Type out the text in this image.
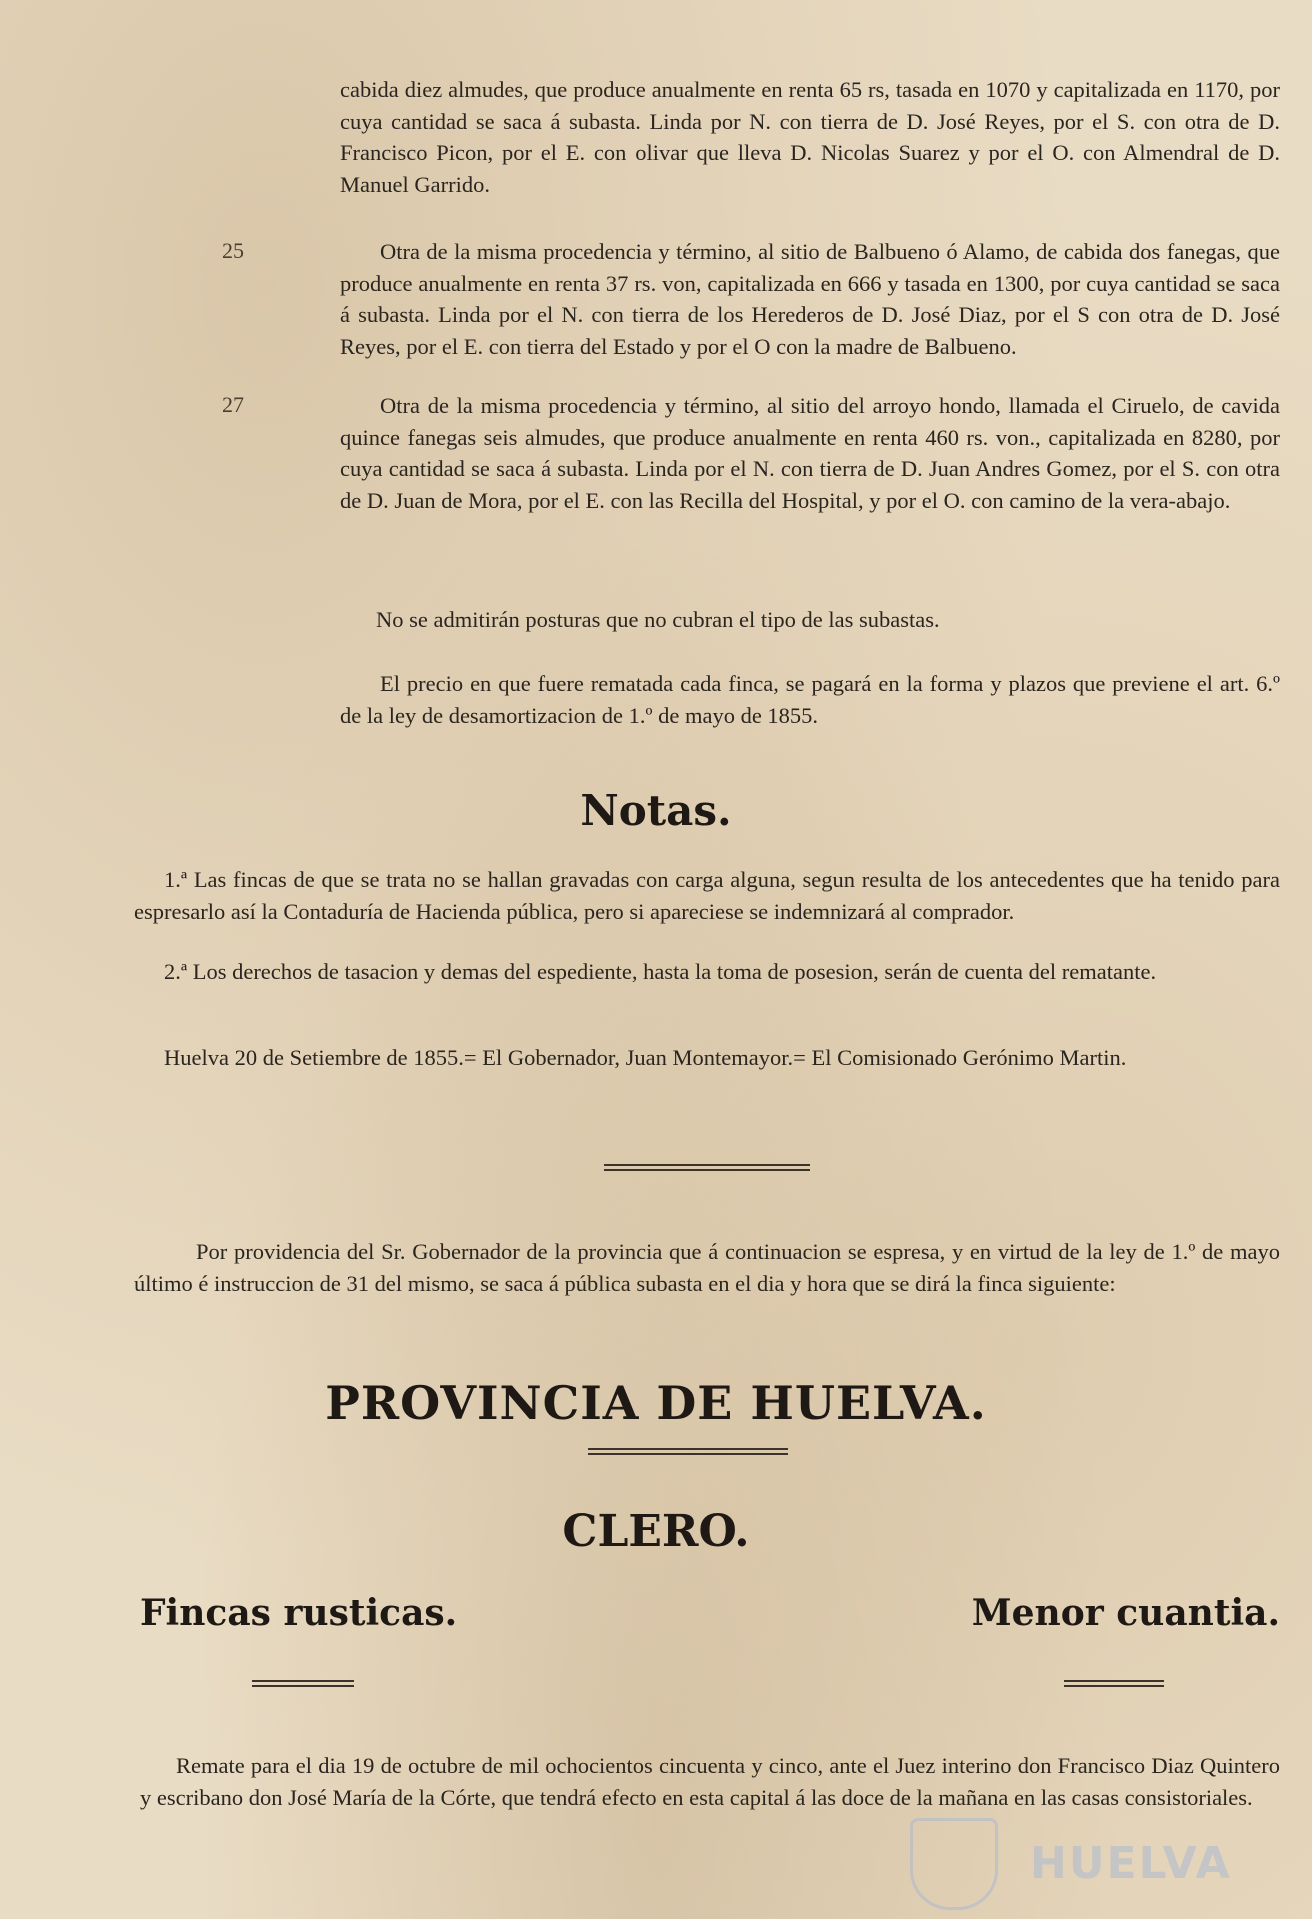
cabida diez almudes, que produce anualmente en renta 65 rs, tasada en 1070 y capitalizada en 1170, por cuya cantidad se saca á subasta. Linda por N. con tierra de D. José Reyes, por el S. con otra de D. Francisco Picon, por el E. con olivar que lleva D. Nicolas Suarez y por el O. con Almendral de D. Manuel Garrido.
25	Otra de la misma procedencia y término, al sitio de Balbueno ó Alamo, de cabida dos fanegas, que produce anualmente en renta 37 rs. von, capitalizada en 666 y tasada en 1300, por cuya cantidad se saca á subasta. Linda por el N. con tierra de los Herederos de D. José Diaz, por el S con otra de D. José Reyes, por el E. con tierra del Estado y por el O con la madre de Balbueno.
27	Otra de la misma procedencia y término, al sitio del arroyo hondo, llamada el Ciruelo, de cavida quince fanegas seis almudes, que produce anualmente en renta 460 rs. von., capitalizada en 8280, por cuya cantidad se saca á subasta. Linda por el N. con tierra de D. Juan Andres Gomez, por el S. con otra de D. Juan de Mora, por el E. con las Recilla del Hospital, y por el O. con camino de la vera-abajo.
No se admitirán posturas que no cubran el tipo de las subastas.
El precio en que fuere rematada cada finca, se pagará en la forma y plazos que previene el art. 6.º de la ley de desamortizacion de 1.º de mayo de 1855.
Notas.
1.ª Las fincas de que se trata no se hallan gravadas con carga alguna, segun resulta de los antecedentes que ha tenido para espresarlo así la Contaduría de Hacienda pública, pero si apareciese se indemnizará al comprador.
2.ª Los derechos de tasacion y demas del espediente, hasta la toma de posesion, serán de cuenta del rematante.
Huelva 20 de Setiembre de 1855.= El Gobernador, Juan Montemayor.= El Comisionado Gerónimo Martin.
Por providencia del Sr. Gobernador de la provincia que á continuacion se espresa, y en virtud de la ley de 1.º de mayo último é instruccion de 31 del mismo, se saca á pública subasta en el dia y hora que se dirá la finca siguiente:
PROVINCIA DE HUELVA.
CLERO.
Fincas rusticas.	Menor cuantia.
Remate para el dia 19 de octubre de mil ochocientos cincuenta y cinco, ante el Juez interino don Francisco Diaz Quintero y escribano don José María de la Córte, que tendrá efecto en esta capital á las doce de la mañana en las casas consistoriales.
HUELVA
